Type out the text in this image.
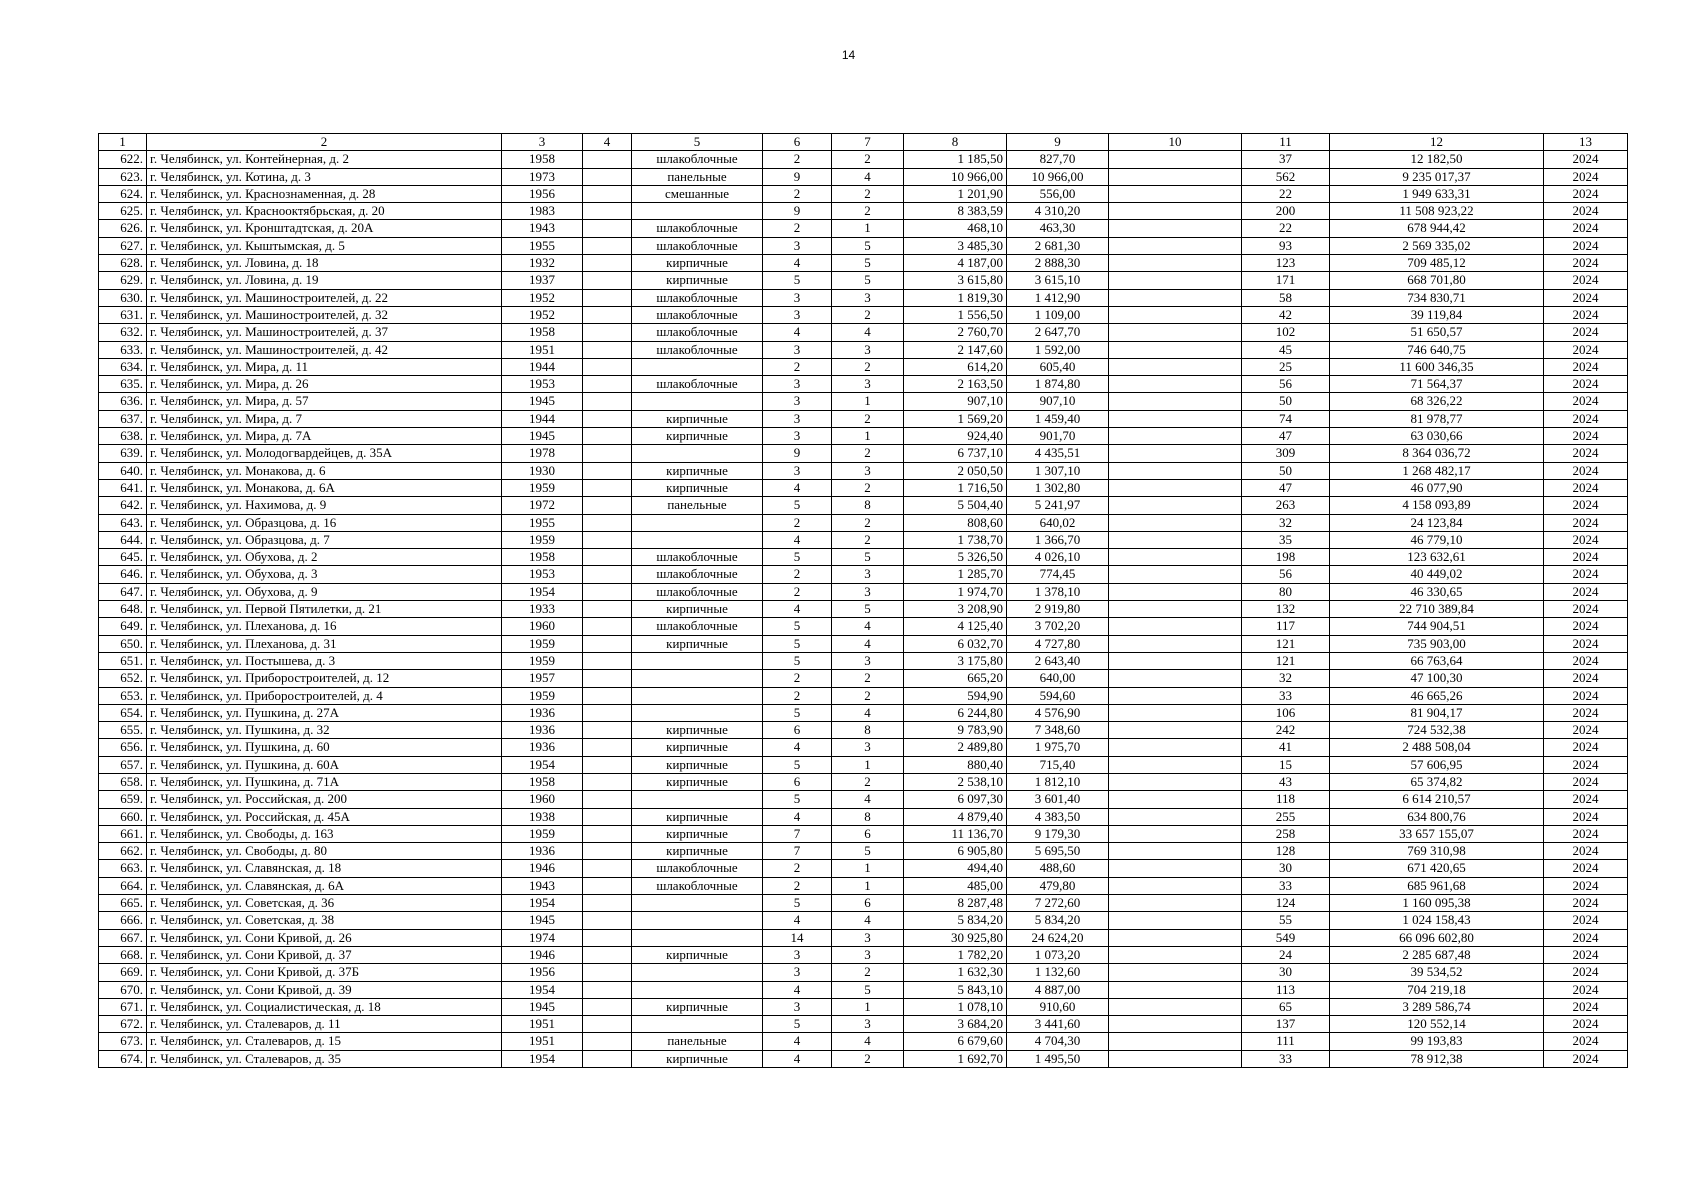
14
1	2	3	4	5	6	7	8	9	10	11	12	13
622.	г. Челябинск, ул. Контейнерная, д. 2	1958		шлакоблочные	2	2	1 185,50	827,70		37	12 182,50	2024
623.	г. Челябинск, ул. Котина, д. 3	1973		панельные	9	4	10 966,00	10 966,00		562	9 235 017,37	2024
624.	г. Челябинск, ул. Краснознаменная, д. 28	1956		смешанные	2	2	1 201,90	556,00		22	1 949 633,31	2024
625.	г. Челябинск, ул. Краснооктябрьская, д. 20	1983			9	2	8 383,59	4 310,20		200	11 508 923,22	2024
626.	г. Челябинск, ул. Кронштадтская, д. 20А	1943		шлакоблочные	2	1	468,10	463,30		22	678 944,42	2024
627.	г. Челябинск, ул. Кыштымская, д. 5	1955		шлакоблочные	3	5	3 485,30	2 681,30		93	2 569 335,02	2024
628.	г. Челябинск, ул. Ловина, д. 18	1932		кирпичные	4	5	4 187,00	2 888,30		123	709 485,12	2024
629.	г. Челябинск, ул. Ловина, д. 19	1937		кирпичные	5	5	3 615,80	3 615,10		171	668 701,80	2024
630.	г. Челябинск, ул. Машиностроителей, д. 22	1952		шлакоблочные	3	3	1 819,30	1 412,90		58	734 830,71	2024
631.	г. Челябинск, ул. Машиностроителей, д. 32	1952		шлакоблочные	3	2	1 556,50	1 109,00		42	39 119,84	2024
632.	г. Челябинск, ул. Машиностроителей, д. 37	1958		шлакоблочные	4	4	2 760,70	2 647,70		102	51 650,57	2024
633.	г. Челябинск, ул. Машиностроителей, д. 42	1951		шлакоблочные	3	3	2 147,60	1 592,00		45	746 640,75	2024
634.	г. Челябинск, ул. Мира, д. 11	1944			2	2	614,20	605,40		25	11 600 346,35	2024
635.	г. Челябинск, ул. Мира, д. 26	1953		шлакоблочные	3	3	2 163,50	1 874,80		56	71 564,37	2024
636.	г. Челябинск, ул. Мира, д. 57	1945			3	1	907,10	907,10		50	68 326,22	2024
637.	г. Челябинск, ул. Мира, д. 7	1944		кирпичные	3	2	1 569,20	1 459,40		74	81 978,77	2024
638.	г. Челябинск, ул. Мира, д. 7А	1945		кирпичные	3	1	924,40	901,70		47	63 030,66	2024
639.	г. Челябинск, ул. Молодогвардейцев, д. 35А	1978			9	2	6 737,10	4 435,51		309	8 364 036,72	2024
640.	г. Челябинск, ул. Монакова, д. 6	1930		кирпичные	3	3	2 050,50	1 307,10		50	1 268 482,17	2024
641.	г. Челябинск, ул. Монакова, д. 6А	1959		кирпичные	4	2	1 716,50	1 302,80		47	46 077,90	2024
642.	г. Челябинск, ул. Нахимова, д. 9	1972		панельные	5	8	5 504,40	5 241,97		263	4 158 093,89	2024
643.	г. Челябинск, ул. Образцова, д. 16	1955			2	2	808,60	640,02		32	24 123,84	2024
644.	г. Челябинск, ул. Образцова, д. 7	1959			4	2	1 738,70	1 366,70		35	46 779,10	2024
645.	г. Челябинск, ул. Обухова, д. 2	1958		шлакоблочные	5	5	5 326,50	4 026,10		198	123 632,61	2024
646.	г. Челябинск, ул. Обухова, д. 3	1953		шлакоблочные	2	3	1 285,70	774,45		56	40 449,02	2024
647.	г. Челябинск, ул. Обухова, д. 9	1954		шлакоблочные	2	3	1 974,70	1 378,10		80	46 330,65	2024
648.	г. Челябинск, ул. Первой Пятилетки, д. 21	1933		кирпичные	4	5	3 208,90	2 919,80		132	22 710 389,84	2024
649.	г. Челябинск, ул. Плеханова, д. 16	1960		шлакоблочные	5	4	4 125,40	3 702,20		117	744 904,51	2024
650.	г. Челябинск, ул. Плеханова, д. 31	1959		кирпичные	5	4	6 032,70	4 727,80		121	735 903,00	2024
651.	г. Челябинск, ул. Постышева, д. 3	1959			5	3	3 175,80	2 643,40		121	66 763,64	2024
652.	г. Челябинск, ул. Приборостроителей, д. 12	1957			2	2	665,20	640,00		32	47 100,30	2024
653.	г. Челябинск, ул. Приборостроителей, д. 4	1959			2	2	594,90	594,60		33	46 665,26	2024
654.	г. Челябинск, ул. Пушкина, д. 27А	1936			5	4	6 244,80	4 576,90		106	81 904,17	2024
655.	г. Челябинск, ул. Пушкина, д. 32	1936		кирпичные	6	8	9 783,90	7 348,60		242	724 532,38	2024
656.	г. Челябинск, ул. Пушкина, д. 60	1936		кирпичные	4	3	2 489,80	1 975,70		41	2 488 508,04	2024
657.	г. Челябинск, ул. Пушкина, д. 60А	1954		кирпичные	5	1	880,40	715,40		15	57 606,95	2024
658.	г. Челябинск, ул. Пушкина, д. 71А	1958		кирпичные	6	2	2 538,10	1 812,10		43	65 374,82	2024
659.	г. Челябинск, ул. Российская, д. 200	1960			5	4	6 097,30	3 601,40		118	6 614 210,57	2024
660.	г. Челябинск, ул. Российская, д. 45А	1938		кирпичные	4	8	4 879,40	4 383,50		255	634 800,76	2024
661.	г. Челябинск, ул. Свободы, д. 163	1959		кирпичные	7	6	11 136,70	9 179,30		258	33 657 155,07	2024
662.	г. Челябинск, ул. Свободы, д. 80	1936		кирпичные	7	5	6 905,80	5 695,50		128	769 310,98	2024
663.	г. Челябинск, ул. Славянская, д. 18	1946		шлакоблочные	2	1	494,40	488,60		30	671 420,65	2024
664.	г. Челябинск, ул. Славянская, д. 6А	1943		шлакоблочные	2	1	485,00	479,80		33	685 961,68	2024
665.	г. Челябинск, ул. Советская, д. 36	1954			5	6	8 287,48	7 272,60		124	1 160 095,38	2024
666.	г. Челябинск, ул. Советская, д. 38	1945			4	4	5 834,20	5 834,20		55	1 024 158,43	2024
667.	г. Челябинск, ул. Сони Кривой, д. 26	1974			14	3	30 925,80	24 624,20		549	66 096 602,80	2024
668.	г. Челябинск, ул. Сони Кривой, д. 37	1946		кирпичные	3	3	1 782,20	1 073,20		24	2 285 687,48	2024
669.	г. Челябинск, ул. Сони Кривой, д. 37Б	1956			3	2	1 632,30	1 132,60		30	39 534,52	2024
670.	г. Челябинск, ул. Сони Кривой, д. 39	1954			4	5	5 843,10	4 887,00		113	704 219,18	2024
671.	г. Челябинск, ул. Социалистическая, д. 18	1945		кирпичные	3	1	1 078,10	910,60		65	3 289 586,74	2024
672.	г. Челябинск, ул. Сталеваров, д. 11	1951			5	3	3 684,20	3 441,60		137	120 552,14	2024
673.	г. Челябинск, ул. Сталеваров, д. 15	1951		панельные	4	4	6 679,60	4 704,30		111	99 193,83	2024
674.	г. Челябинск, ул. Сталеваров, д. 35	1954		кирпичные	4	2	1 692,70	1 495,50		33	78 912,38	2024
